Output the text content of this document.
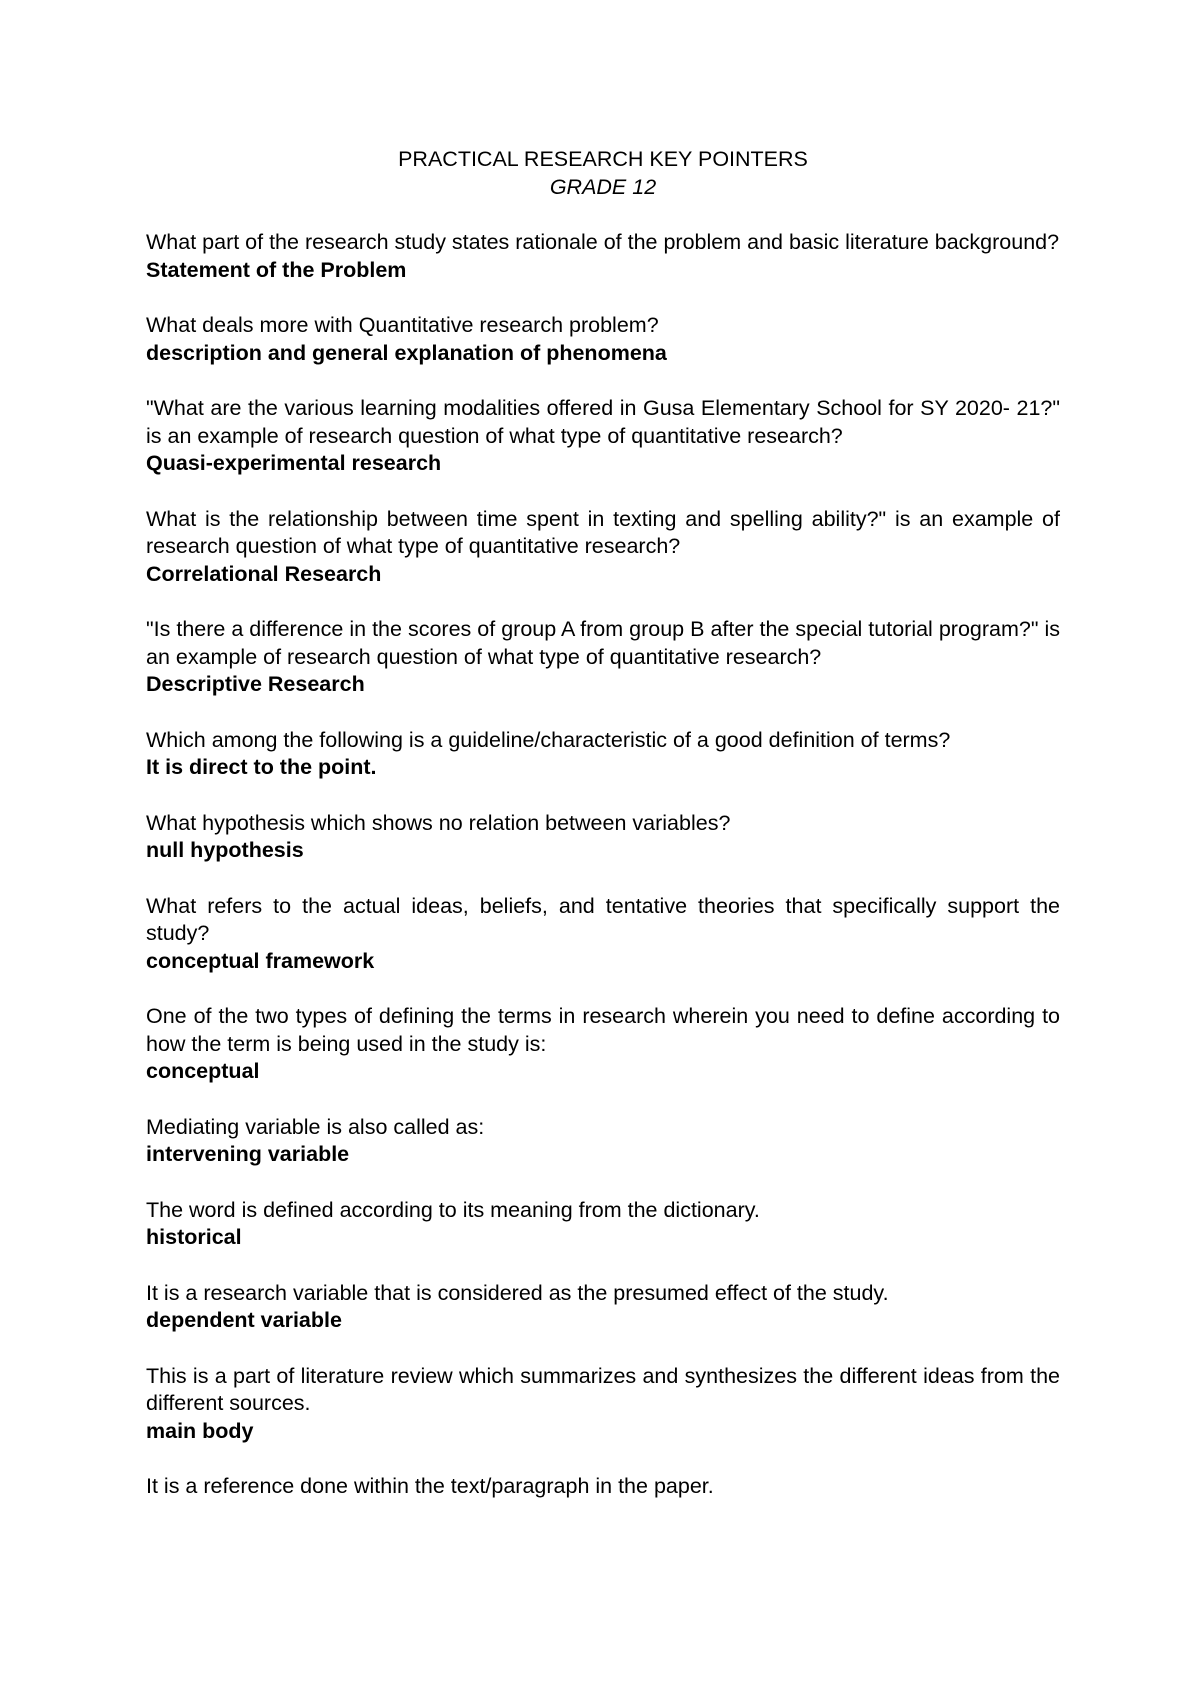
PRACTICAL RESEARCH KEY POINTERS
GRADE 12

What part of the research study states rationale of the problem and basic literature background?

Statement of the Problem

What deals more with Quantitative research problem?

description and general explanation of phenomena

"What are the various learning modalities offered in Gusa Elementary School for SY 2020- 21?" is an example of research question of what type of quantitative research?

Quasi-experimental research

What is the relationship between time spent in texting and spelling ability?" is an example of research question of what type of quantitative research?

Correlational Research

"Is there a difference in the scores of group A from group B after the special tutorial program?" is an example of research question of what type of quantitative research?

Descriptive Research

Which among the following is a guideline/characteristic of a good definition of terms?

It is direct to the point.

What hypothesis which shows no relation between variables?

null hypothesis

What refers to the actual ideas, beliefs, and tentative theories that specifically support the study?

conceptual framework

One of the two types of defining the terms in research wherein you need to define according to how the term is being used in the study is:

conceptual

Mediating variable is also called as:

intervening variable

The word is defined according to its meaning from the dictionary.

historical

It is a research variable that is considered as the presumed effect of the study.

dependent variable

This is a part of literature review which summarizes and synthesizes the different ideas from the different sources.

main body

It is a reference done within the text/paragraph in the paper.
